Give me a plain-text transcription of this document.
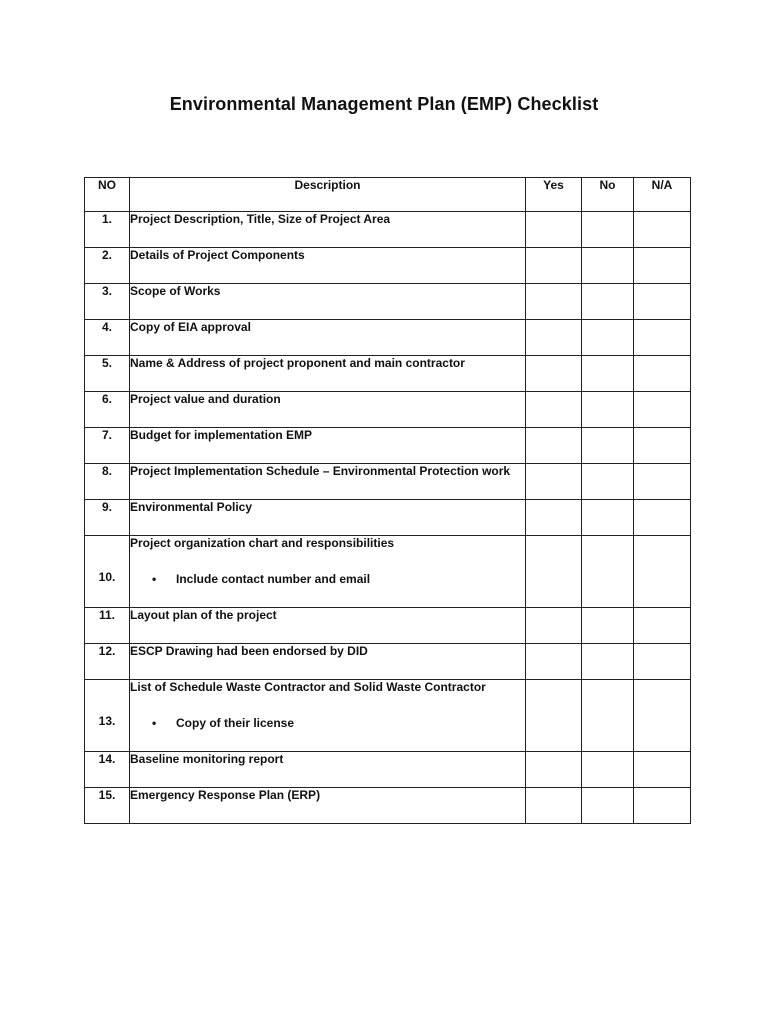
Environmental Management Plan (EMP) Checklist
NO	Description	Yes	No	N/A
1.	Project Description, Title, Size of Project Area			
2.	Details of Project Components			
3.	Scope of Works			
4.	Copy of EIA approval			
5.	Name & Address of project proponent and main contractor			
6.	Project value and duration			
7.	Budget for implementation EMP			
8.	Project Implementation Schedule – Environmental Protection work			
9.	Environmental Policy			
10.	Project organization chart and responsibilities
• Include contact number and email			

11.	Layout plan of the project			
12.	ESCP Drawing had been endorsed by DID			
13.	List of Schedule Waste Contractor and Solid Waste Contractor
• Copy of their license			

14.	Baseline monitoring report			
15.	Emergency Response Plan (ERP)			
